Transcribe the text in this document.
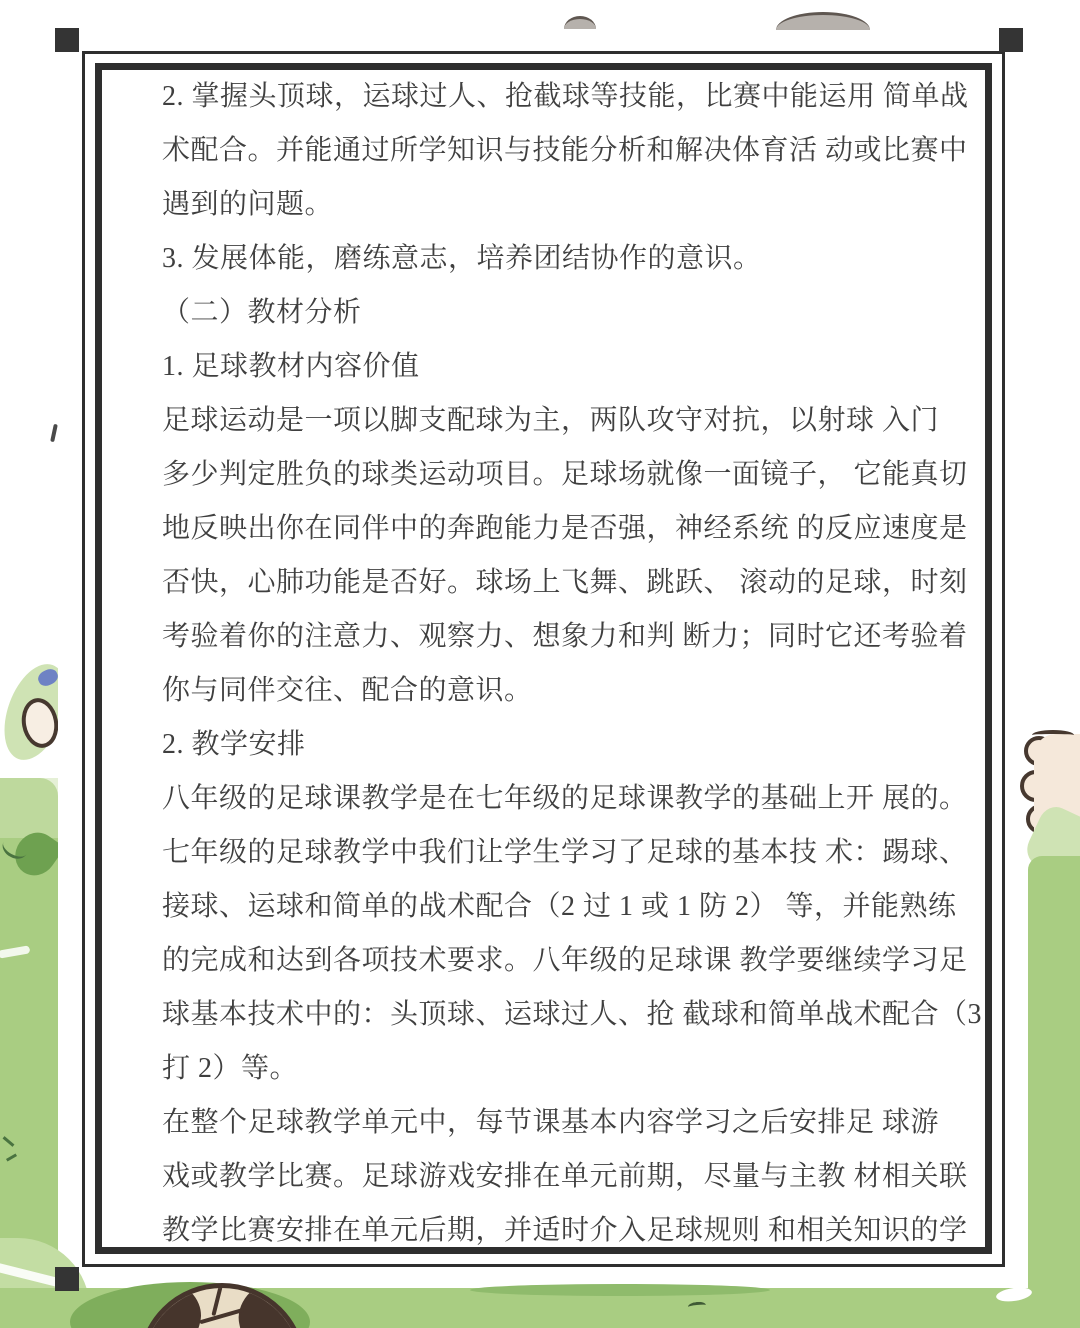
2. 掌握头顶球，运球过人、抢截球等技能，比赛中能运用 简单战
术配合。并能通过所学知识与技能分析和解决体育活 动或比赛中
遇到的问题。
3. 发展体能，磨练意志，培养团结协作的意识。
（二）教材分析
1. 足球教材内容价值
足球运动是一项以脚支配球为主，两队攻守对抗，以射球 入门
多少判定胜负的球类运动项目。足球场就像一面镜子， 它能真切
地反映出你在同伴中的奔跑能力是否强，神经系统 的反应速度是
否快，心肺功能是否好。球场上飞舞、跳跃、 滚动的足球，时刻
考验着你的注意力、观察力、想象力和判 断力；同时它还考验着
你与同伴交往、配合的意识。
2. 教学安排
八年级的足球课教学是在七年级的足球课教学的基础上开 展的。
七年级的足球教学中我们让学生学习了足球的基本技 术：踢球、
接球、运球和简单的战术配合（2 过 1 或 1 防 2） 等，并能熟练
的完成和达到各项技术要求。八年级的足球课 教学要继续学习足
球基本技术中的：头顶球、运球过人、抢 截球和简单战术配合（3
打 2）等。
在整个足球教学单元中，每节课基本内容学习之后安排足 球游
戏或教学比赛。足球游戏安排在单元前期，尽量与主教 材相关联
教学比赛安排在单元后期，并适时介入足球规则 和相关知识的学
